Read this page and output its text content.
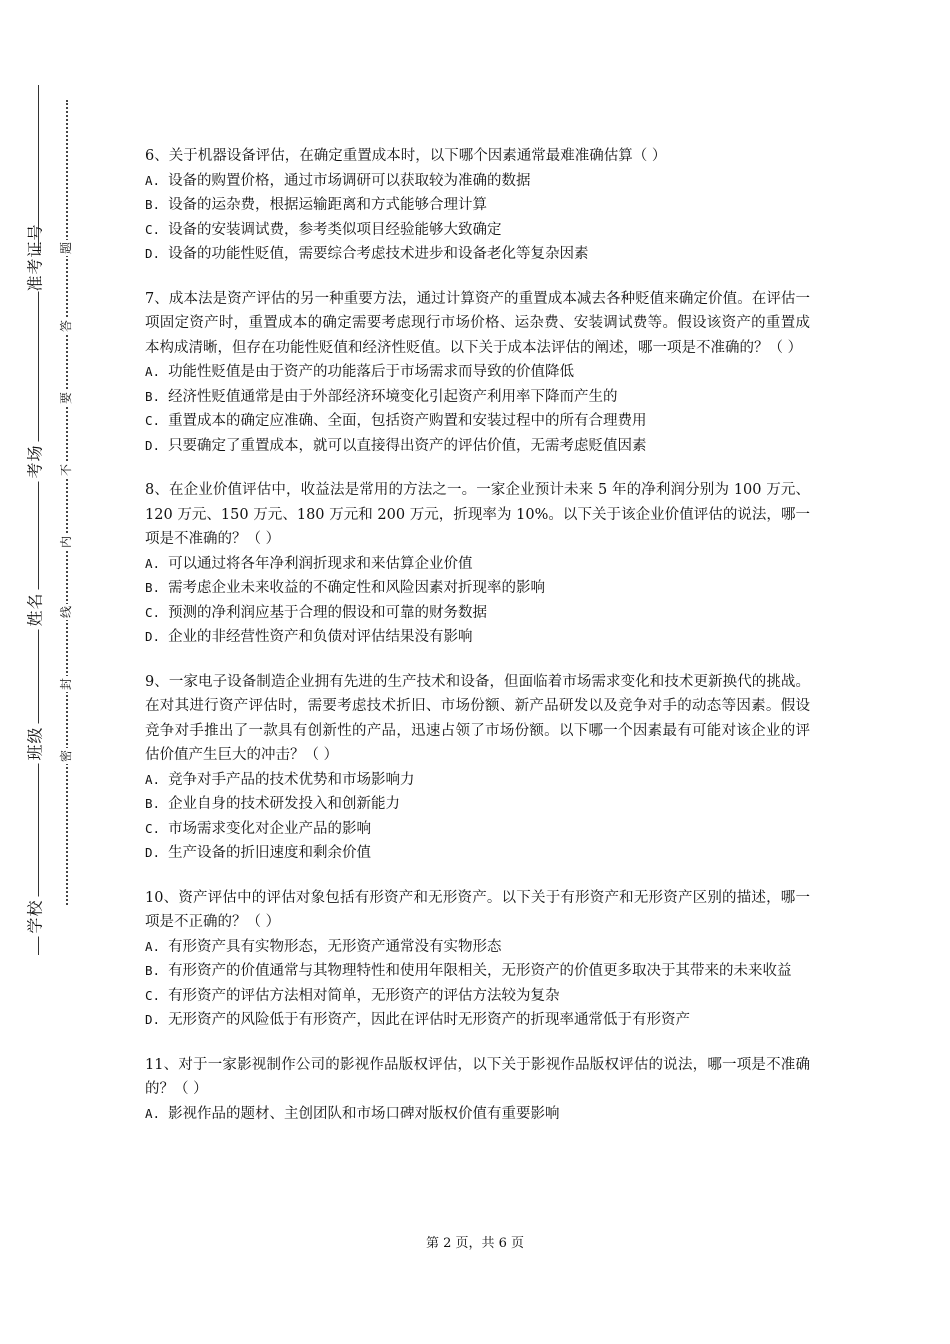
准考证号
考场
姓名
班级
学校
题
答
要
不
内
线
封
密
6、关于机器设备评估，在确定重置成本时，以下哪个因素通常最难准确估算（ ）
A. 设备的购置价格，通过市场调研可以获取较为准确的数据
B. 设备的运杂费，根据运输距离和方式能够合理计算
C. 设备的安装调试费，参考类似项目经验能够大致确定
D. 设备的功能性贬值，需要综合考虑技术进步和设备老化等复杂因素
7、成本法是资产评估的另一种重要方法，通过计算资产的重置成本减去各种贬值来确定价值。在评估一项固定资产时，重置成本的确定需要考虑现行市场价格、运杂费、安装调试费等。假设该资产的重置成本构成清晰，但存在功能性贬值和经济性贬值。以下关于成本法评估的阐述，哪一项是不准确的？（ ）
A. 功能性贬值是由于资产的功能落后于市场需求而导致的价值降低
B. 经济性贬值通常是由于外部经济环境变化引起资产利用率下降而产生的
C. 重置成本的确定应准确、全面，包括资产购置和安装过程中的所有合理费用
D. 只要确定了重置成本，就可以直接得出资产的评估价值，无需考虑贬值因素
8、在企业价值评估中，收益法是常用的方法之一。一家企业预计未来 5 年的净利润分别为 100 万元、120 万元、150 万元、180 万元和 200 万元，折现率为 10%。以下关于该企业价值评估的说法，哪一项是不准确的？（ ）
A. 可以通过将各年净利润折现求和来估算企业价值
B. 需考虑企业未来收益的不确定性和风险因素对折现率的影响
C. 预测的净利润应基于合理的假设和可靠的财务数据
D. 企业的非经营性资产和负债对评估结果没有影响
9、一家电子设备制造企业拥有先进的生产技术和设备，但面临着市场需求变化和技术更新换代的挑战。在对其进行资产评估时，需要考虑技术折旧、市场份额、新产品研发以及竞争对手的动态等因素。假设竞争对手推出了一款具有创新性的产品，迅速占领了市场份额。以下哪一个因素最有可能对该企业的评估价值产生巨大的冲击？（ ）
A. 竞争对手产品的技术优势和市场影响力
B. 企业自身的技术研发投入和创新能力
C. 市场需求变化对企业产品的影响
D. 生产设备的折旧速度和剩余价值
10、资产评估中的评估对象包括有形资产和无形资产。以下关于有形资产和无形资产区别的描述，哪一项是不正确的？（ ）
A. 有形资产具有实物形态，无形资产通常没有实物形态
B. 有形资产的价值通常与其物理特性和使用年限相关，无形资产的价值更多取决于其带来的未来收益
C. 有形资产的评估方法相对简单，无形资产的评估方法较为复杂
D. 无形资产的风险低于有形资产，因此在评估时无形资产的折现率通常低于有形资产
11、对于一家影视制作公司的影视作品版权评估，以下关于影视作品版权评估的说法，哪一项是不准确的？（ ）
A. 影视作品的题材、主创团队和市场口碑对版权价值有重要影响
第 2 页，共 6 页
